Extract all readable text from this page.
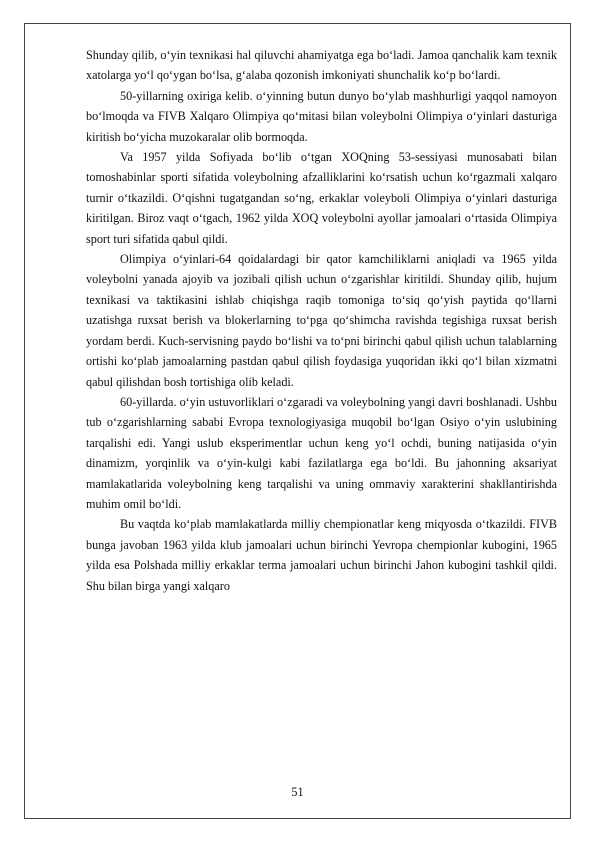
Shunday qilib, o‘yin texnikasi hal qiluvchi ahamiyatga ega bo‘ladi. Jamoa qanchalik kam texnik xatolarga yo‘l qo‘ygan bo‘lsa, g‘alaba qozonish imkoniyati shunchalik ko‘p bo‘lardi.

50-yillarning oxiriga kelib. o‘yinning butun dunyo bo‘ylab mashhurligi yaqqol namoyon bo‘lmoqda va FIVB Xalqaro Olimpiya qo‘mitasi bilan voleybolni Olimpiya o‘yinlari dasturiga kiritish bo‘yicha muzokaralar olib bormoqda.

Va 1957 yilda Sofiyada bo‘lib o‘tgan XOQning 53-sessiyasi munosabati bilan tomoshabinlar sporti sifatida voleybolning afzalliklarini ko‘rsatish uchun ko‘rgazmali xalqaro turnir o‘tkazildi. O‘qishni tugatgandan so‘ng, erkaklar voleyboli Olimpiya o‘yinlari dasturiga kiritilgan. Biroz vaqt o‘tgach, 1962 yilda XOQ voleybolni ayollar jamoalari o‘rtasida Olimpiya sport turi sifatida qabul qildi.

Olimpiya o‘yinlari-64 qoidalardagi bir qator kamchiliklarni aniqladi va 1965 yilda voleybolni yanada ajoyib va jozibali qilish uchun o‘zgarishlar kiritildi. Shunday qilib, hujum texnikasi va taktikasini ishlab chiqishga raqib tomoniga to‘siq qo‘yish paytida qo‘llarni uzatishga ruxsat berish va blokerlarning to‘pga qo‘shimcha ravishda tegishiga ruxsat berish yordam berdi. Kuch-servisning paydo bo‘lishi va to‘pni birinchi qabul qilish uchun talablarning ortishi ko‘plab jamoalarning pastdan qabul qilish foydasiga yuqoridan ikki qo‘l bilan xizmatni qabul qilishdan bosh tortishiga olib keladi.

60-yillarda. o‘yin ustuvorliklari o‘zgaradi va voleybolning yangi davri boshlanadi. Ushbu tub o‘zgarishlarning sababi Evropa texnologiyasiga muqobil bo‘lgan Osiyo o‘yin uslubining tarqalishi edi. Yangi uslub eksperimentlar uchun keng yo‘l ochdi, buning natijasida o‘yin dinamizm, yorqinlik va o‘yin-kulgi kabi fazilatlarga ega bo‘ldi. Bu jahonning aksariyat mamlakatlarida voleybolning keng tarqalishi va uning ommaviy xarakterini shakllantirishda muhim omil bo‘ldi.

Bu vaqtda ko‘plab mamlakatlarda milliy chempionatlar keng miqyosda o‘tkazildi. FIVB bunga javoban 1963 yilda klub jamoalari uchun birinchi Yevropa chempionlar kubogini, 1965 yilda esa Polshada milliy erkaklar terma jamoalari uchun birinchi Jahon kubogini tashkil qildi. Shu bilan birga yangi xalqaro

51
